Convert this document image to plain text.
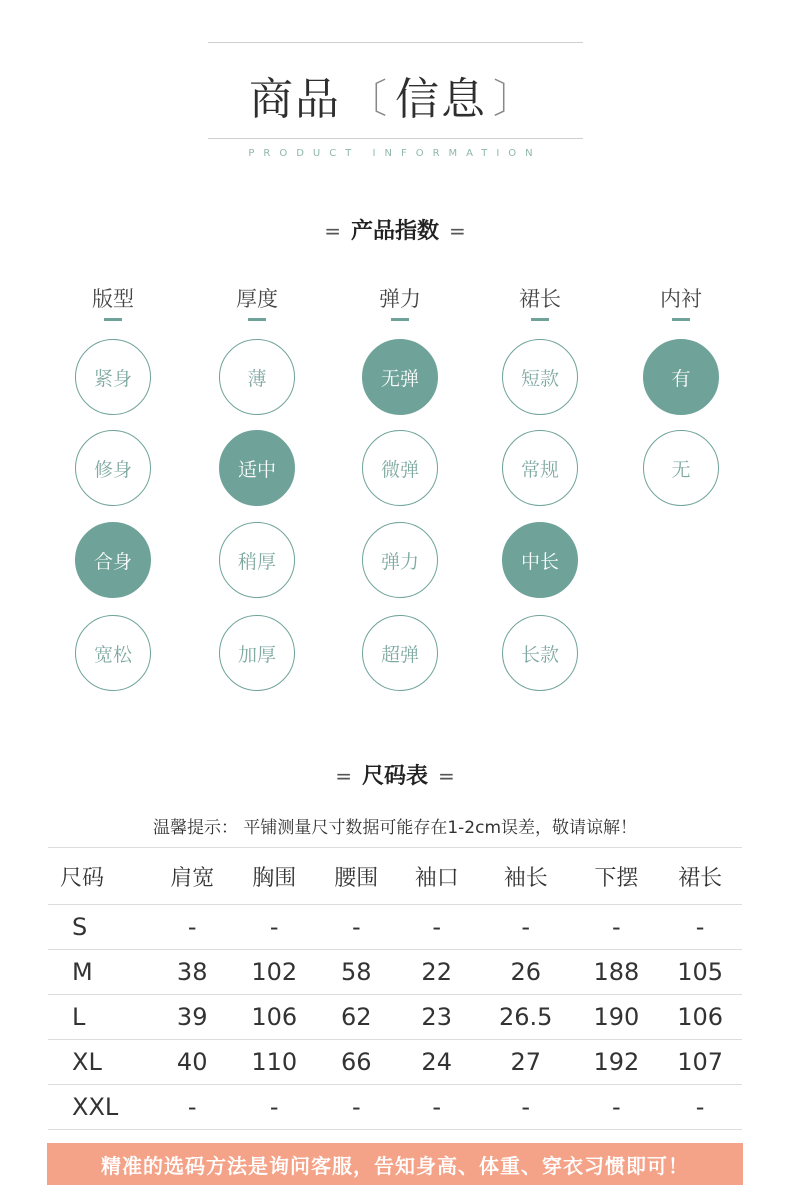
商品 〔 信息 〕
PRODUCT INFORMATION
= 产品指数 =
版型
紧身
修身
合身
宽松
厚度
薄
适中
稍厚
加厚
弹力
无弹
微弹
弹力
超弹
裙长
短款
常规
中长
长款
内衬
有
无
= 尺码表 =
温馨提示： 平铺测量尺寸数据可能存在1-2cm误差，敬请谅解！
尺码	肩宽	胸围	腰围	袖口	袖长	下摆	裙长
S	-	-	-	-	-	-	-
M	38	102	58	22	26	188	105
L	39	106	62	23	26.5	190	106
XL	40	110	66	24	27	192	107
XXL	-	-	-	-	-	-	-
精准的选码方法是询问客服，告知身高、体重、穿衣习惯即可！
